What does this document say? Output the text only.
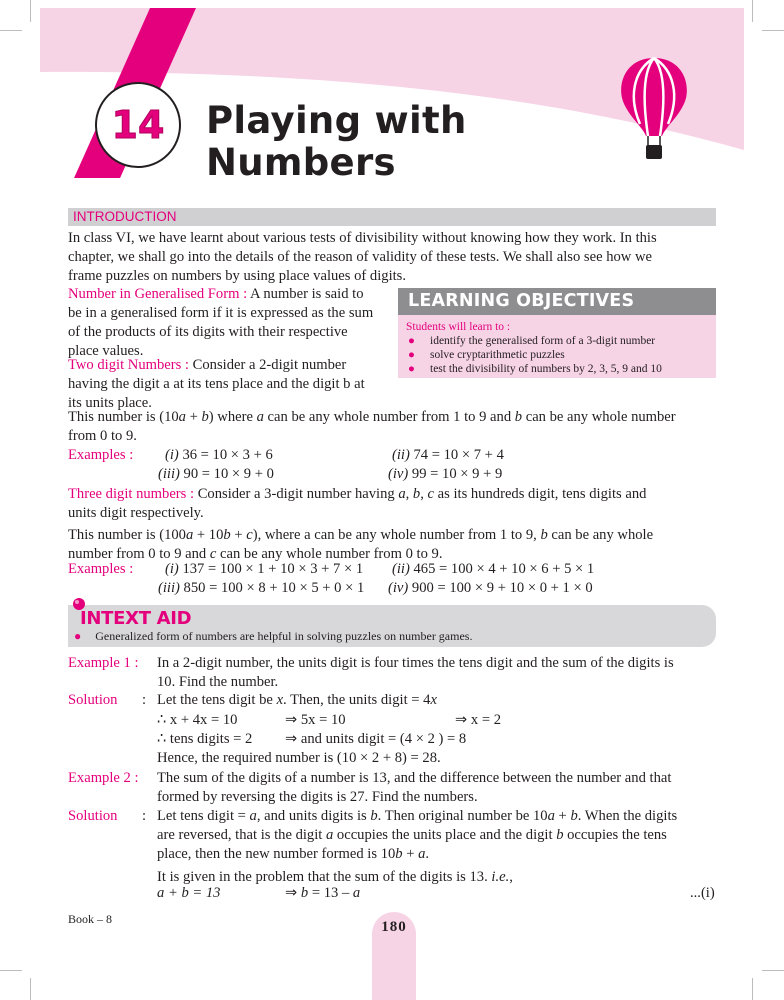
14	Playing with
Numbers
INTRODUCTION
In class VI, we have learnt about various tests of divisibility without knowing how they work. In this
chapter, we shall go into the details of the reason of validity of these tests. We shall also see how we
frame puzzles on numbers by using place values of digits.
Number in Generalised Form : A number is said to
be in a generalised form if it is expressed as the sum
of the products of its digits with their respective
place values.
Two digit Numbers : Consider a 2-digit number
having the digit a at its tens place and the digit b at
its units place.
LEARNING OBJECTIVES
Students will learn to :
●	identify the generalised form of a 3-digit number
●	solve cryptarithmetic puzzles
●	test the divisibility of numbers by 2, 3, 5, 9 and 10
This number is (10a + b) where a can be any whole number from 1 to 9 and b can be any whole number
from 0 to 9.
Examples : (i) 36 = 10 × 3 + 6	(ii) 74 = 10 × 7 + 4
(iii) 90 = 10 × 9 + 0	(iv) 99 = 10 × 9 + 9
Three digit numbers : Consider a 3-digit number having a, b, c as its hundreds digit, tens digits and
units digit respectively.
This number is (100a + 10b + c), where a can be any whole number from 1 to 9, b can be any whole
number from 0 to 9 and c can be any whole number from 0 to 9.
Examples : (i) 137 = 100 × 1 + 10 × 3 + 7 × 1 (ii) 465 = 100 × 4 + 10 × 6 + 5 × 1
(iii) 850 = 100 × 8 + 10 × 5 + 0 × 1 (iv) 900 = 100 × 9 + 10 × 0 + 1 × 0
INTEXT AID
● Generalized form of numbers are helpful in solving puzzles on number games.
Example 1 : In a 2-digit number, the units digit is four times the tens digit and the sum of the digits is
10. Find the number.
Solution : Let the tens digit be x. Then, the units digit = 4x
∴ x + 4x = 10	⇒ 5x = 10	⇒ x = 2
∴ tens digits = 2 ⇒ and units digit = (4 × 2 ) = 8
Hence, the required number is (10 × 2 + 8) = 28.
Example 2 : The sum of the digits of a number is 13, and the difference between the number and that
formed by reversing the digits is 27. Find the numbers.
Solution : Let tens digit = a, and units digits is b. Then original number be 10a + b. When the digits
are reversed, that is the digit a occupies the units place and the digit b occupies the tens
place, then the new number formed is 10b + a.
It is given in the problem that the sum of the digits is 13. i.e.,
a + b = 13	⇒ b = 13 – a	...(i)
Book – 8	180
